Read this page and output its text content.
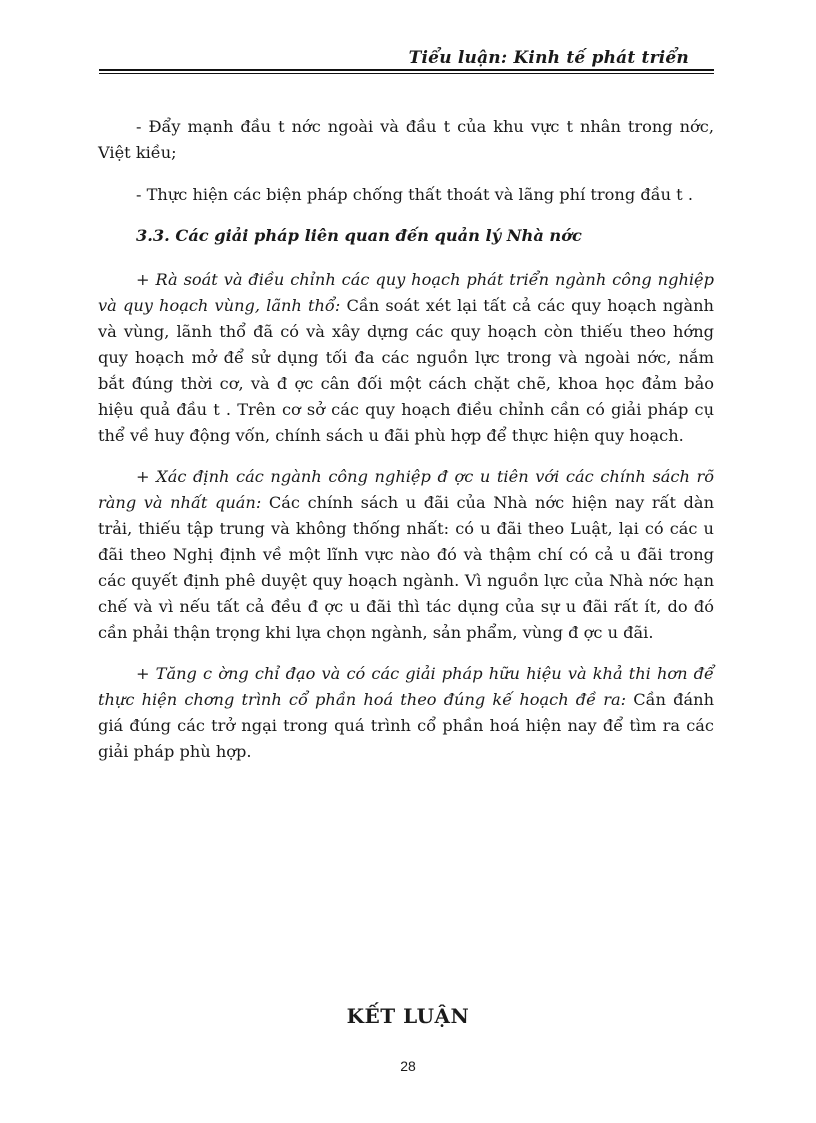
Tiểu luận: Kinh tế phát triển

- Đẩy mạnh đầu t nớc ngoài và đầu t của khu vực t nhân trong nớc, Việt kiều;

- Thực hiện các biện pháp chống thất thoát và lãng phí trong đầu t .

3.3. Các giải pháp liên quan đến quản lý Nhà nớc

+ Rà soát và điều chỉnh các quy hoạch phát triển ngành công nghiệp và quy hoạch vùng, lãnh thổ: Cần soát xét lại tất cả các quy hoạch ngành và vùng, lãnh thổ đã có và xây dựng các quy hoạch còn thiếu theo hớng quy hoạch mở để sử dụng tối đa các nguồn lực trong và ngoài nớc, nắm bắt đúng thời cơ, và đ ợc cân đối một cách chặt chẽ, khoa học đảm bảo hiệu quả đầu t . Trên cơ sở các quy hoạch điều chỉnh cần có giải pháp cụ thể về huy động vốn, chính sách u đãi phù hợp để thực hiện quy hoạch.

+ Xác định các ngành công nghiệp đ ợc u tiên với các chính sách rõ ràng và nhất quán: Các chính sách u đãi của Nhà nớc hiện nay rất dàn trải, thiếu tập trung và không thống nhất: có u đãi theo Luật, lại có các u đãi theo Nghị định về một lĩnh vực nào đó và thậm chí có cả u đãi trong các quyết định phê duyệt quy hoạch ngành. Vì nguồn lực của Nhà nớc hạn chế và vì nếu tất cả đều đ ợc u đãi thì tác dụng của sự u đãi rất ít, do đó cần phải thận trọng khi lựa chọn ngành, sản phẩm, vùng đ ợc u đãi.

+ Tăng c ờng chỉ đạo và có các giải pháp hữu hiệu và khả thi hơn để thực hiện chơng trình cổ phần hoá theo đúng kế hoạch đề ra: Cần đánh giá đúng các trở ngại trong quá trình cổ phần hoá hiện nay để tìm ra các giải pháp phù hợp.

KẾT LUẬN
28
